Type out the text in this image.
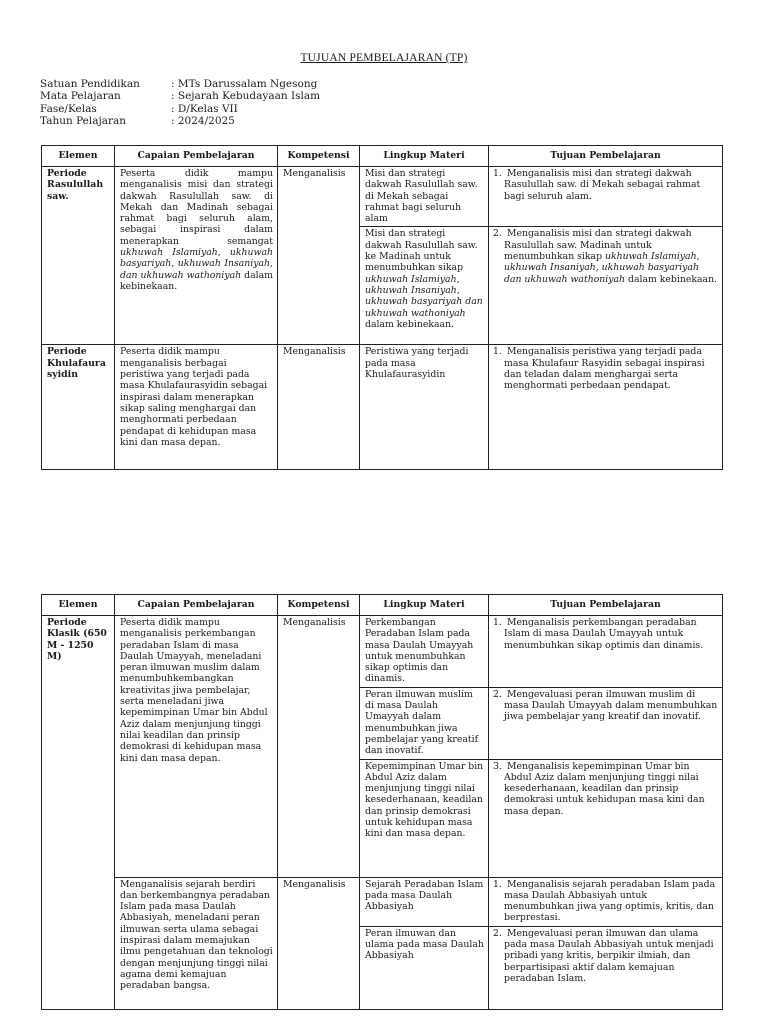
TUJUAN PEMBELAJARAN (TP)
Satuan Pendidikan	: MTs Darussalam Ngesong
Mata Pelajaran	: Sejarah Kebudayaan Islam
Fase/Kelas	: D/Kelas VII
Tahun Pelajaran	: 2024/2025
Elemen	Capaian Pembelajaran	Kompetensi	Lingkup Materi	Tujuan Pembelajaran
Periode Rasulullah saw.	Peserta didik mampu menganalisis misi dan strategi dakwah Rasulullah saw. di Mekah dan Madinah sebagai rahmat bagi seluruh alam, sebagai inspirasi dalam menerapkan semangat ukhuwah Islamiyah, ukhuwah basyariyah, ukhuwah Insaniyah, dan ukhuwah wathoniyah dalam kebinekaan.	Menganalisis	Misi dan strategi dakwah Rasulullah saw. di Mekah sebagai rahmat bagi seluruh alam	1. Menganalisis misi dan strategi dakwah Rasulullah saw. di Mekah sebagai rahmat bagi seluruh alam.
			Misi dan strategi dakwah Rasulullah saw. ke Madinah untuk menumbuhkan sikap ukhuwah Islamiyah, ukhuwah Insaniyah, ukhuwah basyariyah dan ukhuwah wathoniyah dalam kebinekaan.	2. Menganalisis misi dan strategi dakwah Rasulullah saw. Madinah untuk menumbuhkan sikap ukhuwah Islamiyah, ukhuwah Insaniyah, ukhuwah basyariyah dan ukhuwah wathoniyah dalam kebinekaan.
Periode Khulafaura syidin	Peserta didik mampu menganalisis berbagai peristiwa yang terjadi pada masa Khulafaurasyidin sebagai inspirasi dalam menerapkan sikap saling menghargai dan menghormati perbedaan pendapat di kehidupan masa kini dan masa depan.	Menganalisis	Peristiwa yang terjadi pada masa Khulafaurasyidin	1. Menganalisis peristiwa yang terjadi pada masa Khulafaur Rasyidin sebagai inspirasi dan teladan dalam menghargai serta menghormati perbedaan pendapat.
Elemen	Capaian Pembelajaran	Kompetensi	Lingkup Materi	Tujuan Pembelajaran
Periode Klasik (650 M - 1250 M)	Peserta didik mampu menganalisis perkembangan peradaban Islam di masa Daulah Umayyah, meneladani peran ilmuwan muslim dalam menumbuhkembangkan kreativitas jiwa pembelajar, serta meneladani jiwa kepemimpinan Umar bin Abdul Aziz dalam menjunjung tinggi nilai keadilan dan prinsip demokrasi di kehidupan masa kini dan masa depan.	Menganalisis	Perkembangan Peradaban Islam pada masa Daulah Umayyah untuk menumbuhkan sikap optimis dan dinamis.	1. Menganalisis perkembangan peradaban Islam di masa Daulah Umayyah untuk menumbuhkan sikap optimis dan dinamis.
			Peran ilmuwan muslim di masa Daulah Umayyah dalam menumbuhkan jiwa pembelajar yang kreatif dan inovatif.	2. Mengevaluasi peran ilmuwan muslim di masa Daulah Umayyah dalam menumbuhkan jiwa pembelajar yang kreatif dan inovatif.
			Kepemimpinan Umar bin Abdul Aziz dalam menjunjung tinggi nilai kesederhanaan, keadilan dan prinsip demokrasi untuk kehidupan masa kini dan masa depan.	3. Menganalisis kepemimpinan Umar bin Abdul Aziz dalam menjunjung tinggi nilai kesederhanaan, keadilan dan prinsip demokrasi untuk kehidupan masa kini dan masa depan.
	Menganalisis sejarah berdiri dan berkembangnya peradaban Islam pada masa Daulah Abbasiyah, meneladani peran ilmuwan serta ulama sebagai inspirasi dalam memajukan ilmu pengetahuan dan teknologi dengan menjunjung tinggi nilai agama demi kemajuan peradaban bangsa.	Menganalisis	Sejarah Peradaban Islam pada masa Daulah Abbasiyah	1. Menganalisis sejarah peradaban Islam pada masa Daulah Abbasiyah untuk menumbuhkan jiwa yang optimis, kritis, dan berprestasi.
			Peran ilmuwan dan ulama pada masa Daulah Abbasiyah	2. Mengevaluasi peran ilmuwan dan ulama pada masa Daulah Abbasiyah untuk menjadi pribadi yang kritis, berpikir ilmiah, dan berpartisipasi aktif dalam kemajuan peradaban Islam.
